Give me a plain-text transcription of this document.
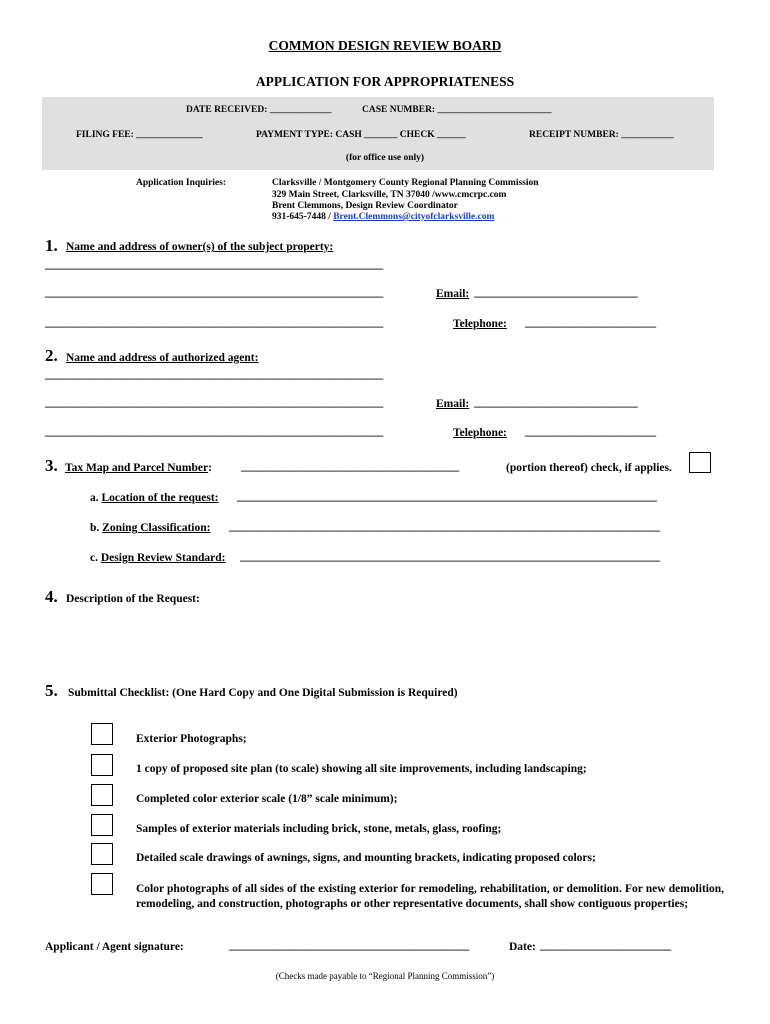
COMMON DESIGN REVIEW BOARD
APPLICATION FOR APPROPRIATENESS
DATE RECEIVED: _____________	CASE NUMBER: ________________________
FILING FEE: ______________	PAYMENT TYPE: CASH _______ CHECK ______	RECEIPT NUMBER: ___________
(for office use only)
Application Inquiries:	Clarksville / Montgomery County Regional Planning Commission
329 Main Street, Clarksville, TN 37040 /www.cmcrpc.com
Brent Clemmons, Design Review Coordinator
931-645-7448 / Brent.Clemmons@cityofclarksville.com
1. Name and address of owner(s) of the subject property:
______________________________________________________________
______________________________________________________________	Email: ______________________________
______________________________________________________________	Telephone: ________________________
2. Name and address of authorized agent:
______________________________________________________________
______________________________________________________________	Email: ______________________________
______________________________________________________________	Telephone: ________________________
3. Tax Map and Parcel Number:	________________________________________	(portion thereof) check, if applies.
a. Location of the request: _____________________________________________________________________________
b. Zoning Classification: _______________________________________________________________________________
c. Design Review Standard: _____________________________________________________________________________
4. Description of the Request:
5. Submittal Checklist: (One Hard Copy and One Digital Submission is Required)
Exterior Photographs;
1 copy of proposed site plan (to scale) showing all site improvements, including landscaping;
Completed color exterior scale (1/8” scale minimum);
Samples of exterior materials including brick, stone, metals, glass, roofing;
Detailed scale drawings of awnings, signs, and mounting brackets, indicating proposed colors;
Color photographs of all sides of the existing exterior for remodeling, rehabilitation, or demolition. For new demolition, remodeling, and construction, photographs or other representative documents, shall show contiguous properties;
Applicant / Agent signature:	____________________________________________	Date: ________________________
(Checks made payable to “Regional Planning Commission”)
